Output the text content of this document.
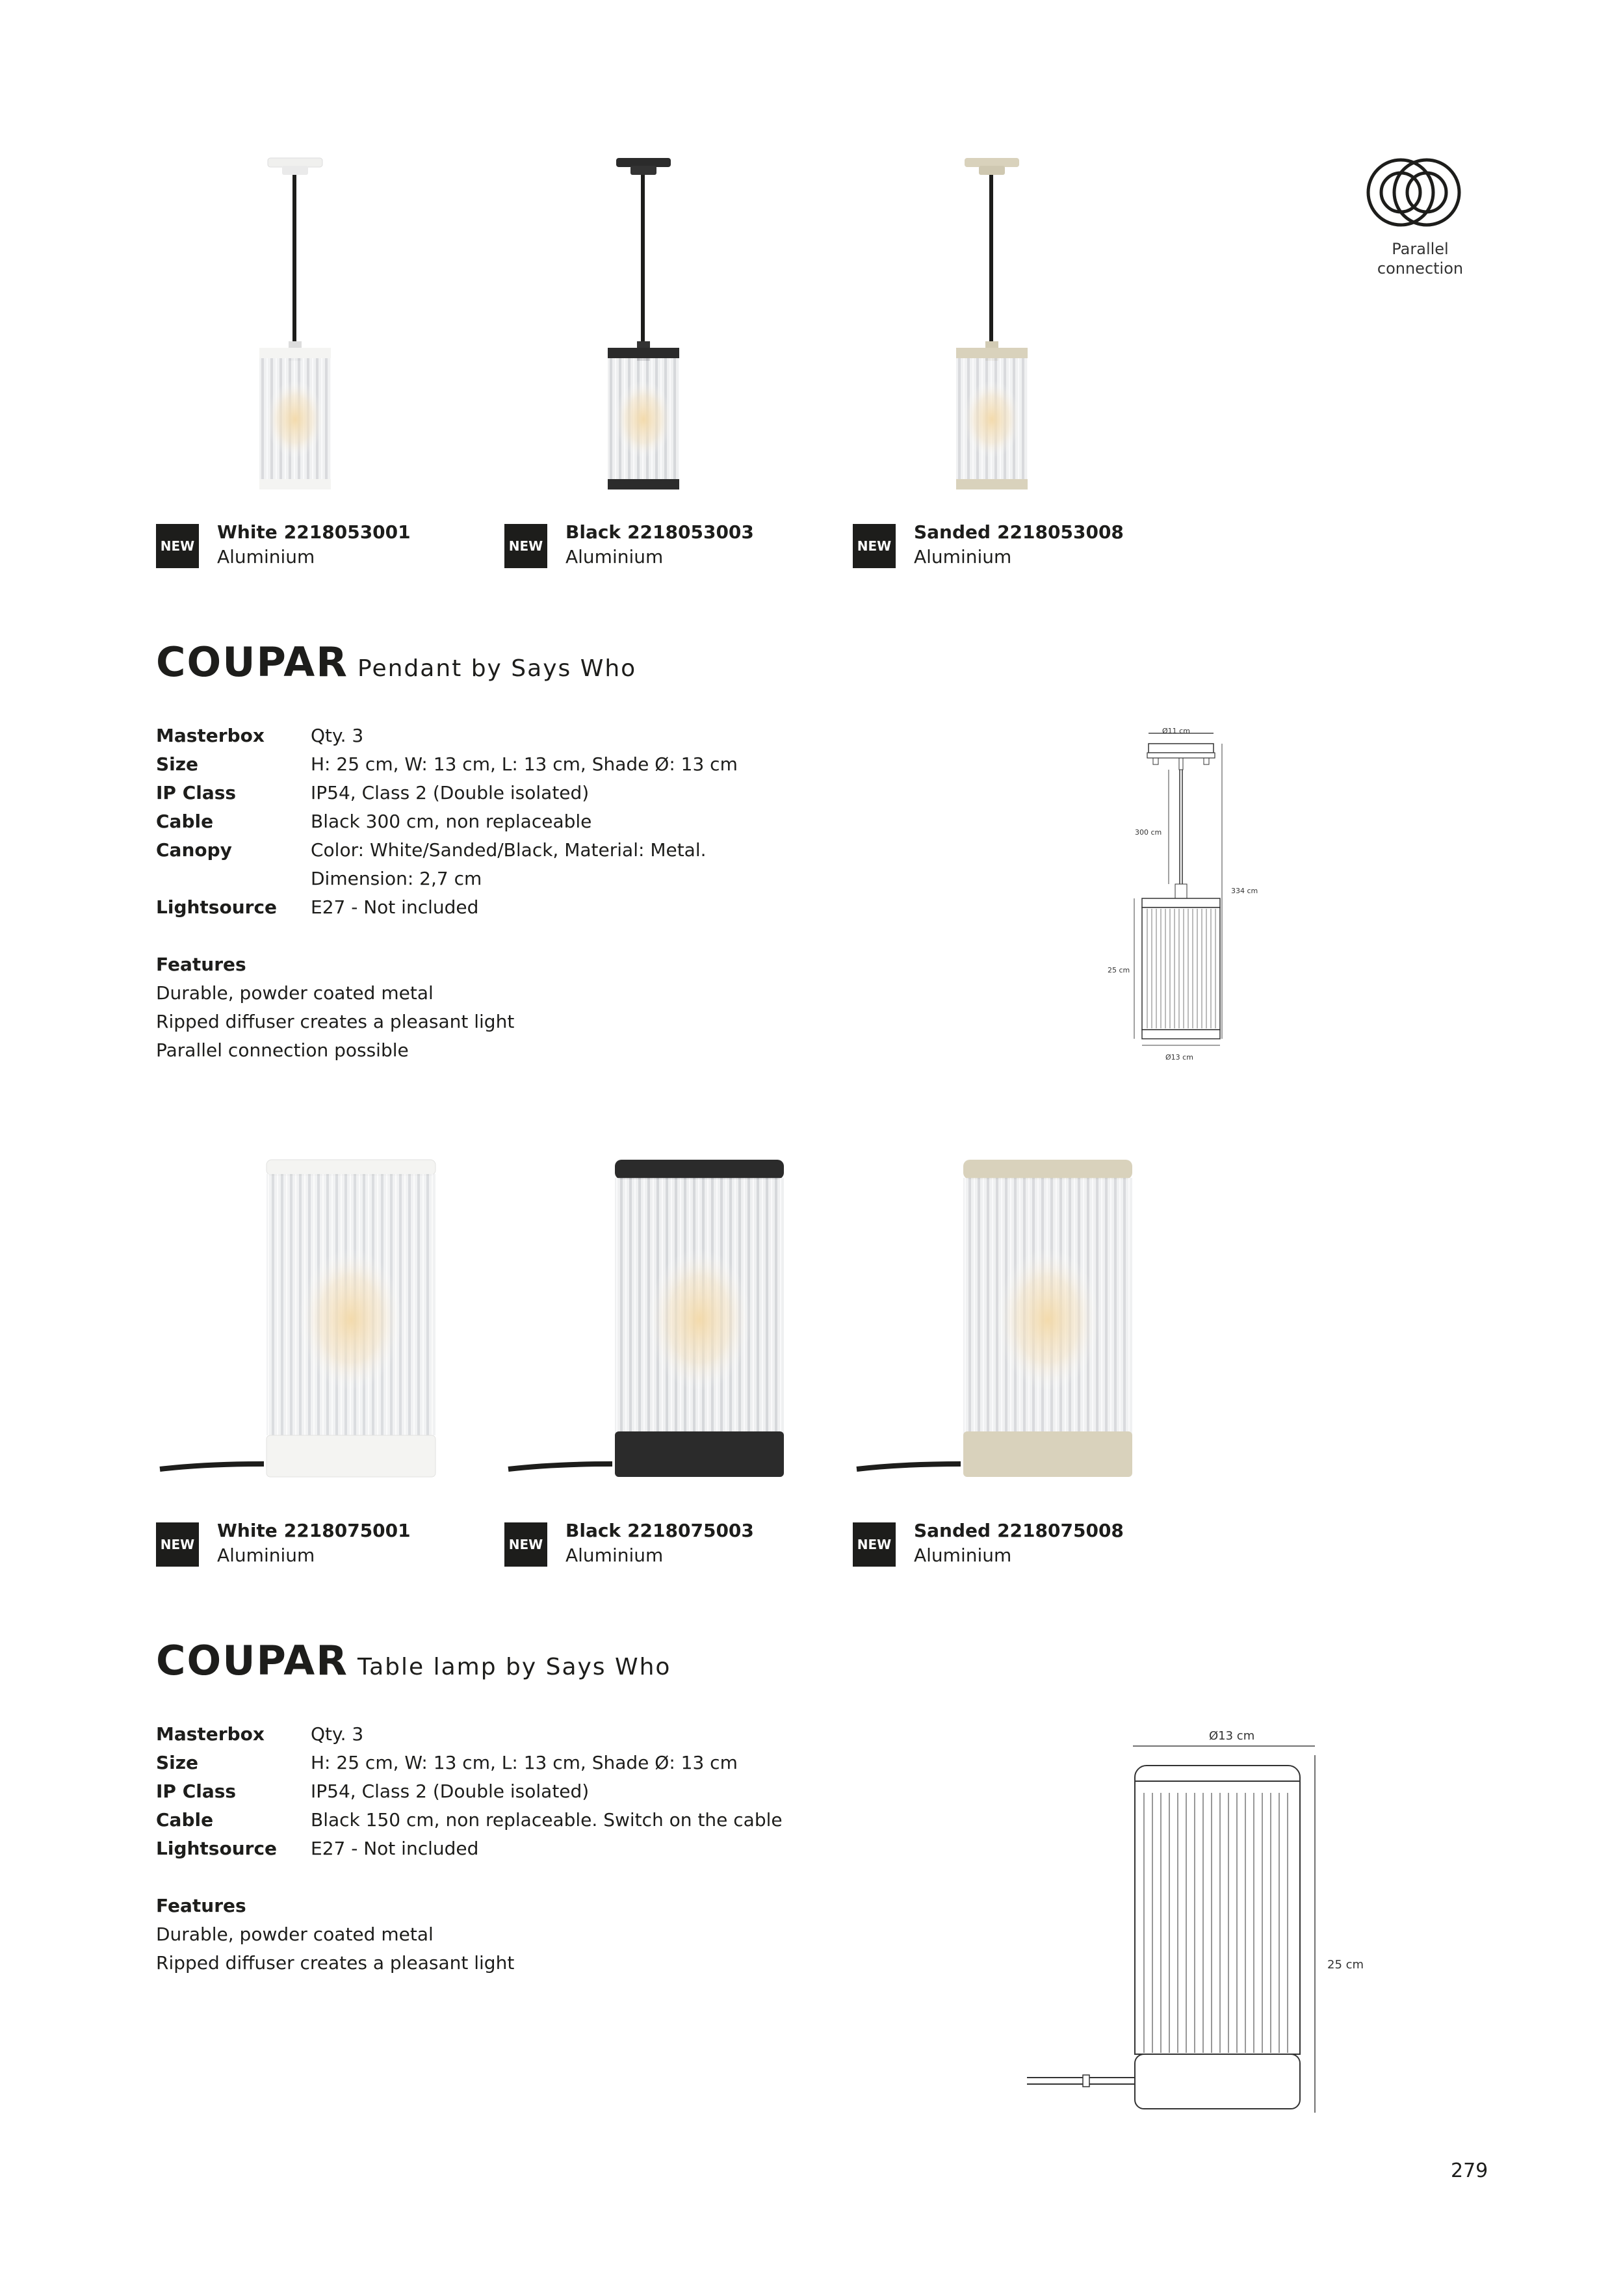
Parallel
connection
NEW
White 2218053001
Aluminium	NEW
Black 2218053003
Aluminium	NEW
Sanded 2218053008
Aluminium
COUPAR Pendant by Says Who
Masterbox	Qty. 3
Size	H: 25 cm, W: 13 cm, L: 13 cm, Shade Ø: 13 cm
IP Class	IP54, Class 2 (Double isolated)
Cable	Black 300 cm, non replaceable
Canopy	Color: White/Sanded/Black, Material: Metal.
Dimension: 2,7 cm
Lightsource	E27 - Not included
Features
Durable, powder coated metal
Ripped diffuser creates a pleasant light
Parallel connection possible
Ø11 cm
300 cm
334 cm
25 cm
Ø13 cm
NEW
White 2218075001
Aluminium	NEW
Black 2218075003
Aluminium	NEW
Sanded 2218075008
Aluminium
COUPAR Table lamp by Says Who
Masterbox	Qty. 3
Size	H: 25 cm, W: 13 cm, L: 13 cm, Shade Ø: 13 cm
IP Class	IP54, Class 2 (Double isolated)
Cable	Black 150 cm, non replaceable. Switch on the cable
Lightsource	E27 - Not included
Features
Durable, powder coated metal
Ripped diffuser creates a pleasant light
Ø13 cm
25 cm
279
